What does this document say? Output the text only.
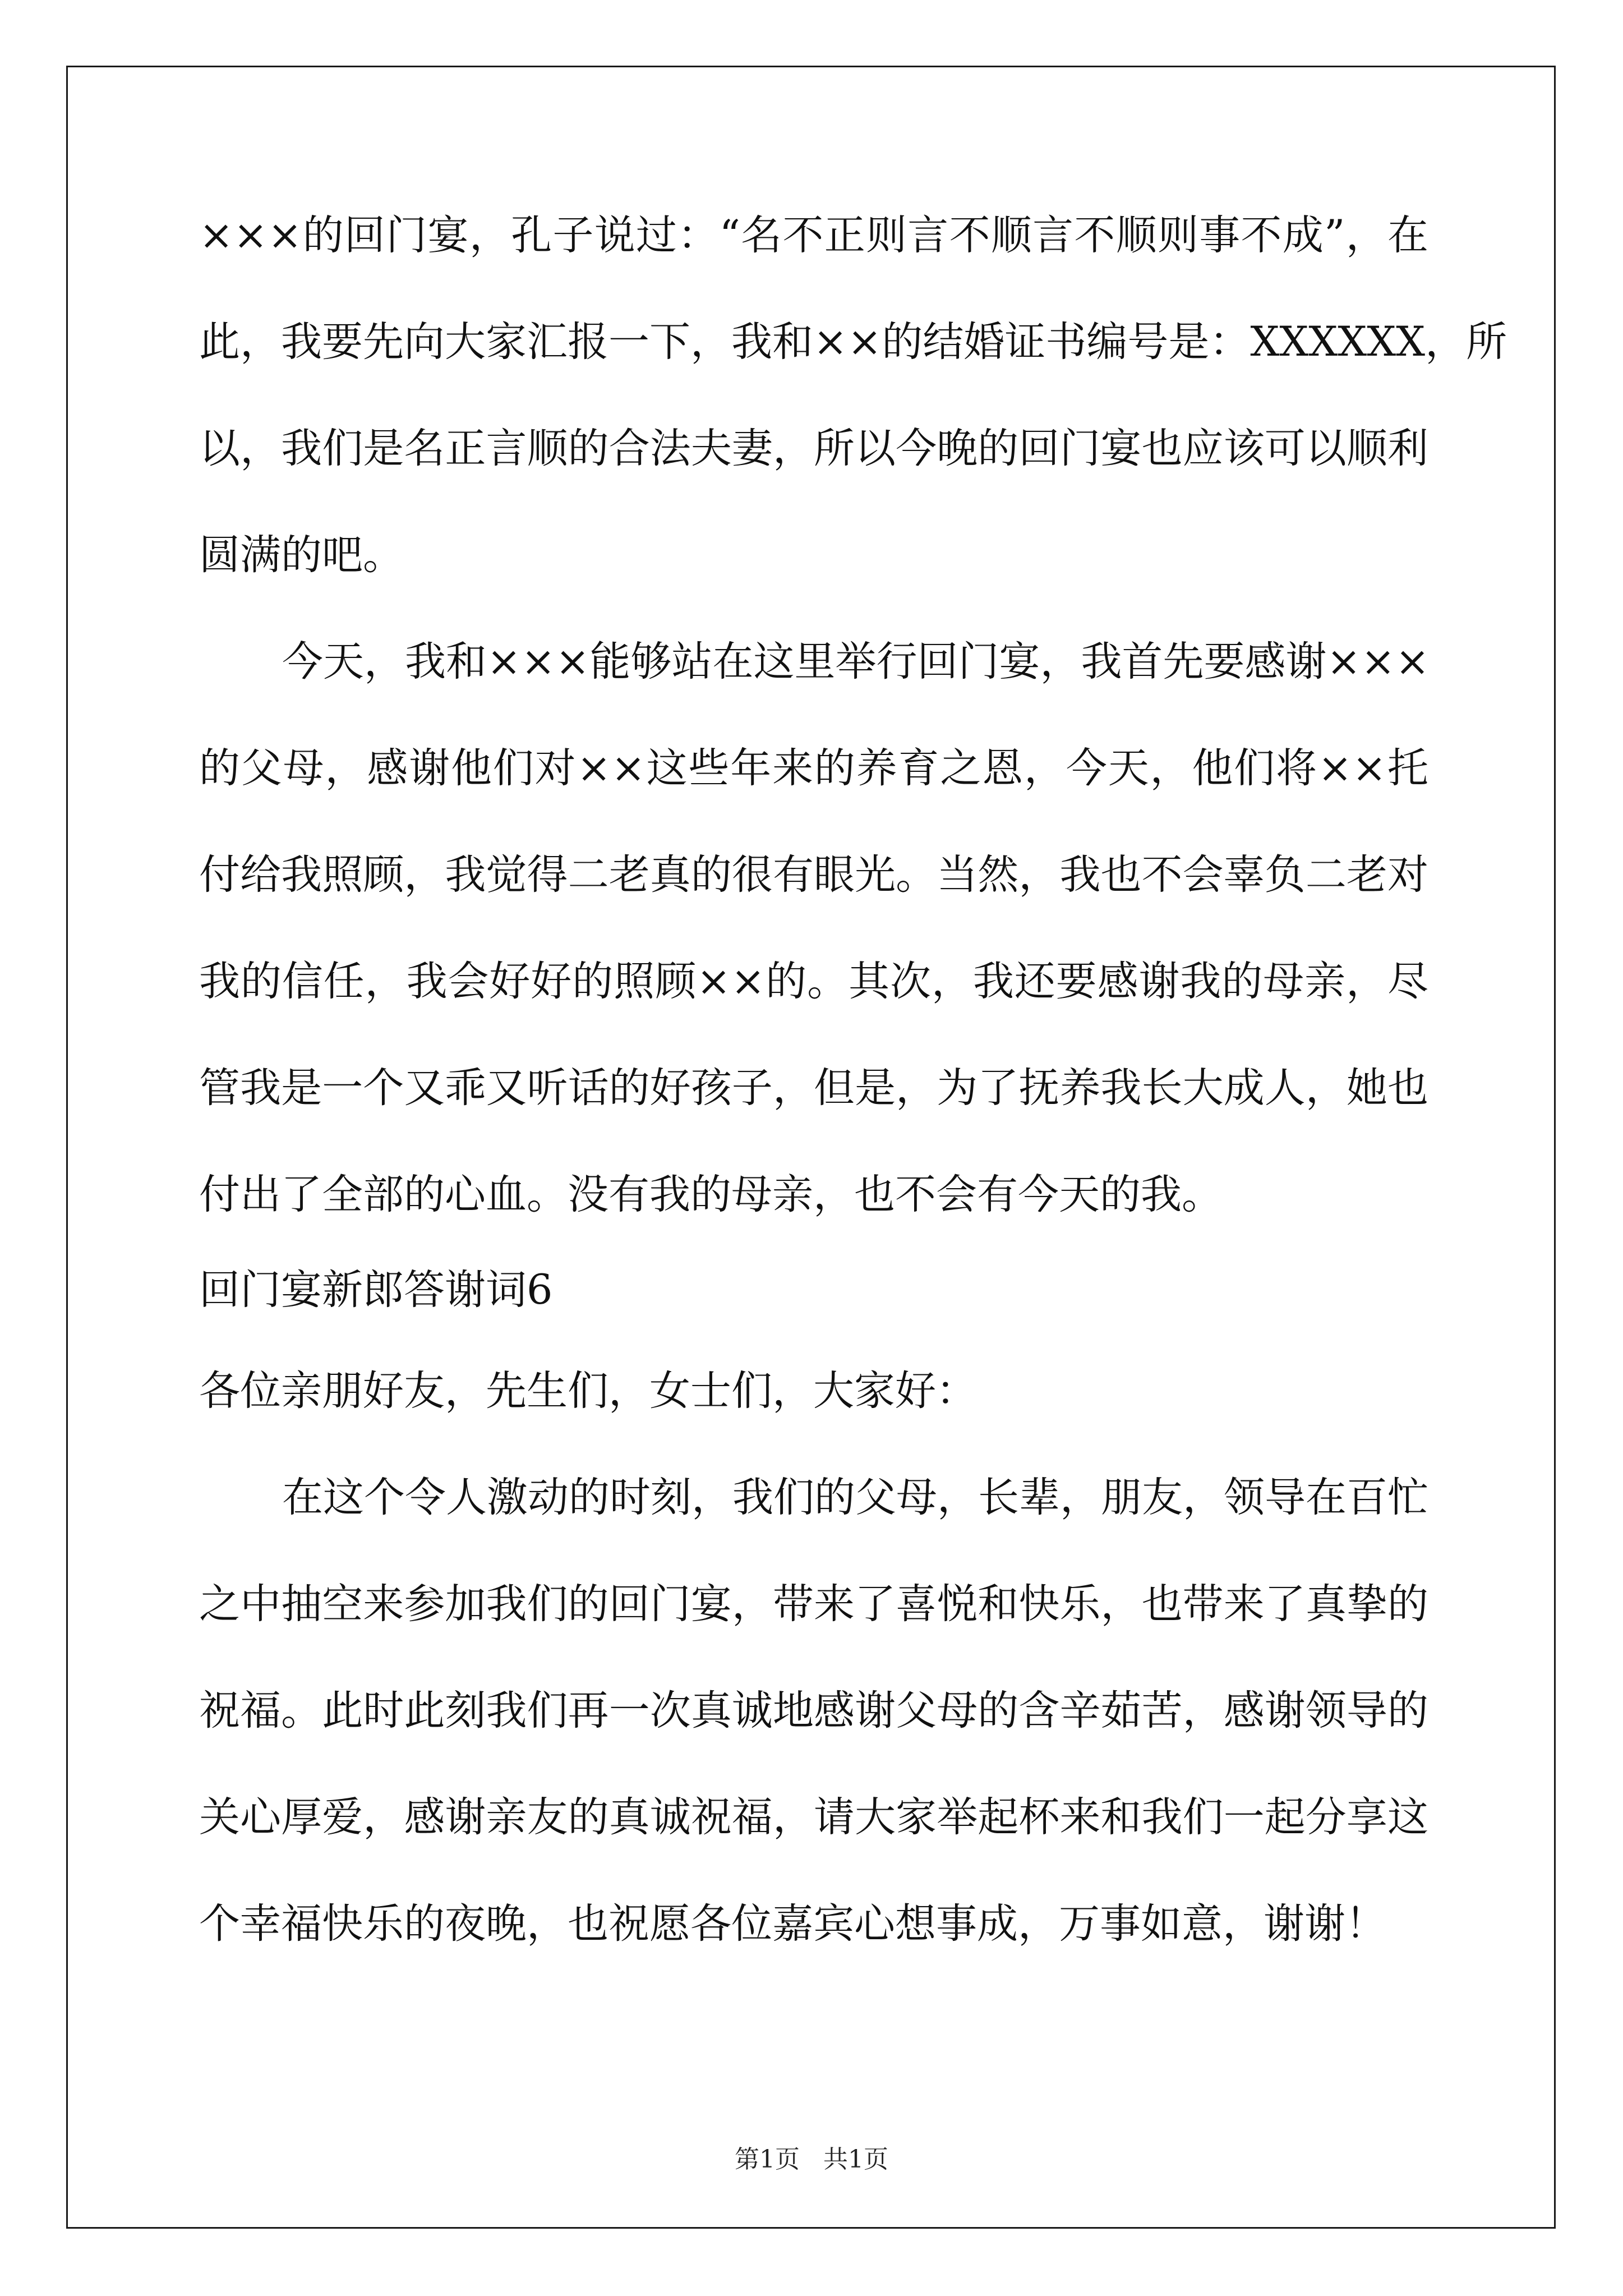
×××的回门宴，孔子说过：“名不正则言不顺言不顺则事不成”，在
此，我要先向大家汇报一下，我和××的结婚证书编号是：XXXXXX，所
以，我们是名正言顺的合法夫妻，所以今晚的回门宴也应该可以顺利
圆满的吧。
今天，我和×××能够站在这里举行回门宴，我首先要感谢×××
的父母，感谢他们对××这些年来的养育之恩，今天，他们将××托
付给我照顾，我觉得二老真的很有眼光。当然，我也不会辜负二老对
我的信任，我会好好的照顾××的。其次，我还要感谢我的母亲，尽
管我是一个又乖又听话的好孩子，但是，为了抚养我长大成人，她也
付出了全部的心血。没有我的母亲，也不会有今天的我。
回门宴新郎答谢词6
各位亲朋好友，先生们，女士们，大家好：
在这个令人激动的时刻，我们的父母，长辈，朋友，领导在百忙
之中抽空来参加我们的回门宴，带来了喜悦和快乐，也带来了真挚的
祝福。此时此刻我们再一次真诚地感谢父母的含辛茹苦，感谢领导的
关心厚爱，感谢亲友的真诚祝福，请大家举起杯来和我们一起分享这
个幸福快乐的夜晚，也祝愿各位嘉宾心想事成，万事如意，谢谢！
第1页   共1页
